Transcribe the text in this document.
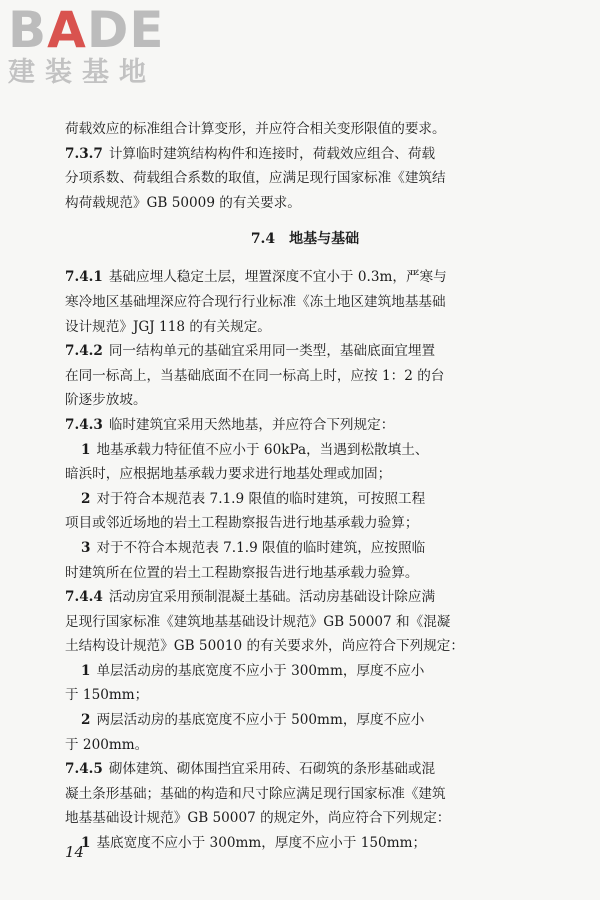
BADE
建装基地
荷载效应的标准组合计算变形，并应符合相关变形限值的要求。
7.3.7 计算临时建筑结构构件和连接时，荷载效应组合、荷载
分项系数、荷载组合系数的取值，应满足现行国家标准《建筑结
构荷载规范》GB 50009 的有关要求。
7.4　地基与基础
7.4.1 基础应埋人稳定土层，埋置深度不宜小于 0.3m，严寒与
寒冷地区基础埋深应符合现行行业标准《冻土地区建筑地基基础
设计规范》JGJ 118 的有关规定。
7.4.2 同一结构单元的基础宜采用同一类型，基础底面宜埋置
在同一标高上，当基础底面不在同一标高上时，应按 1：2 的台
阶逐步放坡。
7.4.3 临时建筑宜采用天然地基，并应符合下列规定：
1 地基承载力特征值不应小于 60kPa，当遇到松散填土、
暗浜时，应根据地基承载力要求进行地基处理或加固；
2 对于符合本规范表 7.1.9 限值的临时建筑，可按照工程
项目或邻近场地的岩土工程勘察报告进行地基承载力验算；
3 对于不符合本规范表 7.1.9 限值的临时建筑，应按照临
时建筑所在位置的岩土工程勘察报告进行地基承载力验算。
7.4.4 活动房宜采用预制混凝土基础。活动房基础设计除应满
足现行国家标准《建筑地基基础设计规范》GB 50007 和《混凝
土结构设计规范》GB 50010 的有关要求外，尚应符合下列规定：
1 单层活动房的基底宽度不应小于 300mm，厚度不应小
于 150mm；
2 两层活动房的基底宽度不应小于 500mm，厚度不应小
于 200mm。
7.4.5 砌体建筑、砌体围挡宜采用砖、石砌筑的条形基础或混
凝土条形基础；基础的构造和尺寸除应满足现行国家标准《建筑
地基基础设计规范》GB 50007 的规定外，尚应符合下列规定：
1 基底宽度不应小于 300mm，厚度不应小于 150mm；
14
